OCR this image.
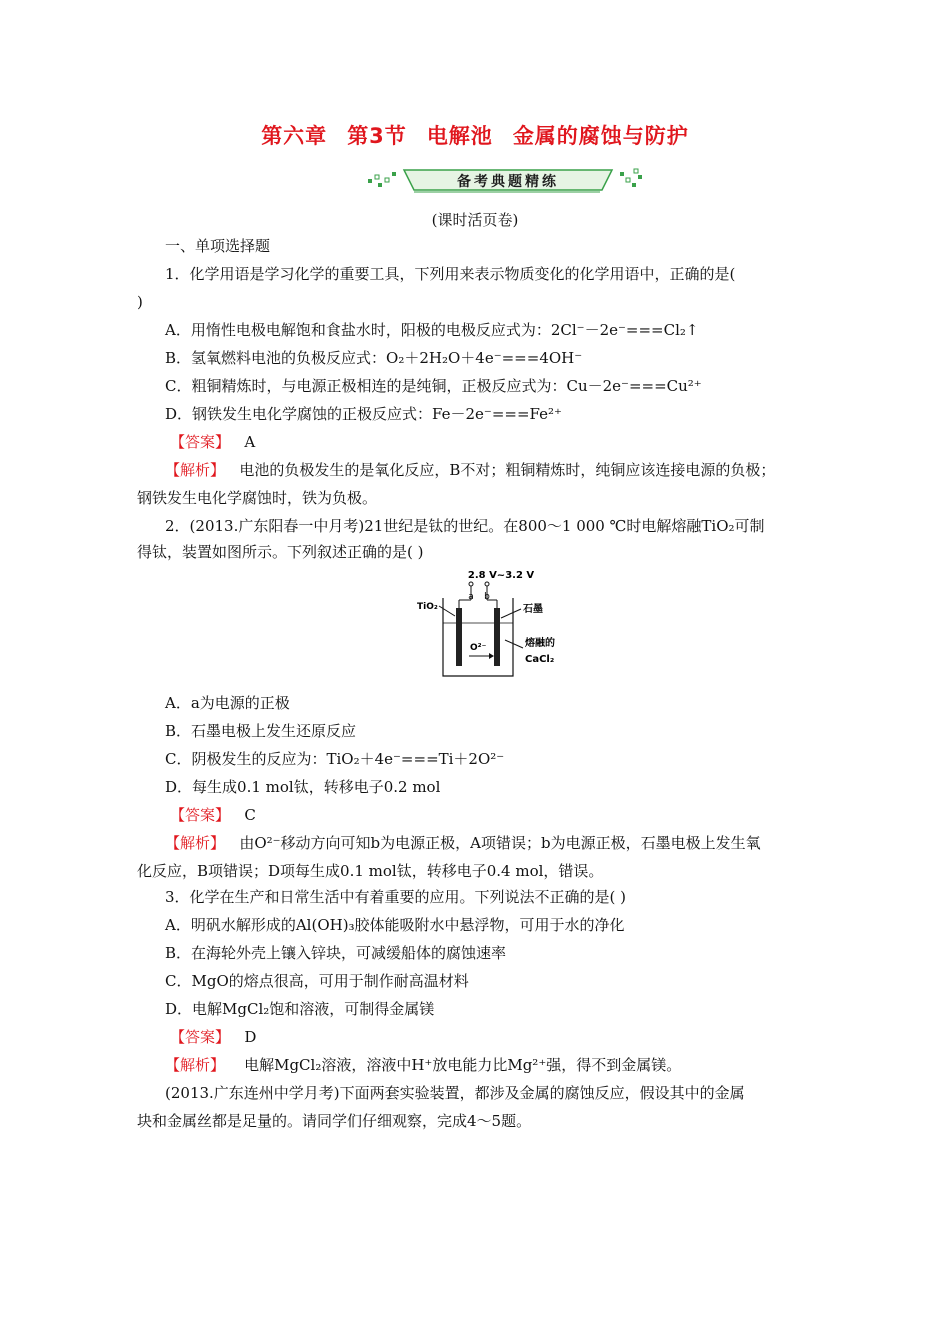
第六章 第3节 电解池 金属的腐蚀与防护
备考典题精练
(课时活页卷)
一、单项选择题
1．化学用语是学习化学的重要工具，下列用来表示物质变化的化学用语中，正确的是(
)
A．用惰性电极电解饱和食盐水时，阳极的电极反应式为：2Cl⁻－2e⁻===Cl₂↑
B．氢氧燃料电池的负极反应式：O₂＋2H₂O＋4e⁻===4OH⁻
C．粗铜精炼时，与电源正极相连的是纯铜，正极反应式为：Cu－2e⁻===Cu²⁺
D．钢铁发生电化学腐蚀的正极反应式：Fe－2e⁻===Fe²⁺
【答案】 A
【解析】 电池的负极发生的是氧化反应，B不对；粗铜精炼时，纯铜应该连接电源的负极；
钢铁发生电化学腐蚀时，铁为负极。
2．(2013.广东阳春一中月考)21世纪是钛的世纪。在800～1 000 ℃时电解熔融TiO₂可制
得钛，装置如图所示。下列叙述正确的是( )
2.8 V~3.2 V
a b
TiO₂	石墨
O²⁻	熔融的
CaCl₂
A．a为电源的正极
B．石墨电极上发生还原反应
C．阴极发生的反应为：TiO₂＋4e⁻===Ti＋2O²⁻
D．每生成0.1 mol钛，转移电子0.2 mol
【答案】 C
【解析】 由O²⁻移动方向可知b为电源正极，A项错误；b为电源正极，石墨电极上发生氧
化反应，B项错误；D项每生成0.1 mol钛，转移电子0.4 mol，错误。
3．化学在生产和日常生活中有着重要的应用。下列说法不正确的是( )
A．明矾水解形成的Al(OH)₃胶体能吸附水中悬浮物，可用于水的净化
B．在海轮外壳上镶入锌块，可减缓船体的腐蚀速率
C．MgO的熔点很高，可用于制作耐高温材料
D．电解MgCl₂饱和溶液，可制得金属镁
【答案】 D
【解析】 电解MgCl₂溶液，溶液中H⁺放电能力比Mg²⁺强，得不到金属镁。
(2013.广东连州中学月考)下面两套实验装置，都涉及金属的腐蚀反应，假设其中的金属
块和金属丝都是足量的。请同学们仔细观察，完成4～5题。
